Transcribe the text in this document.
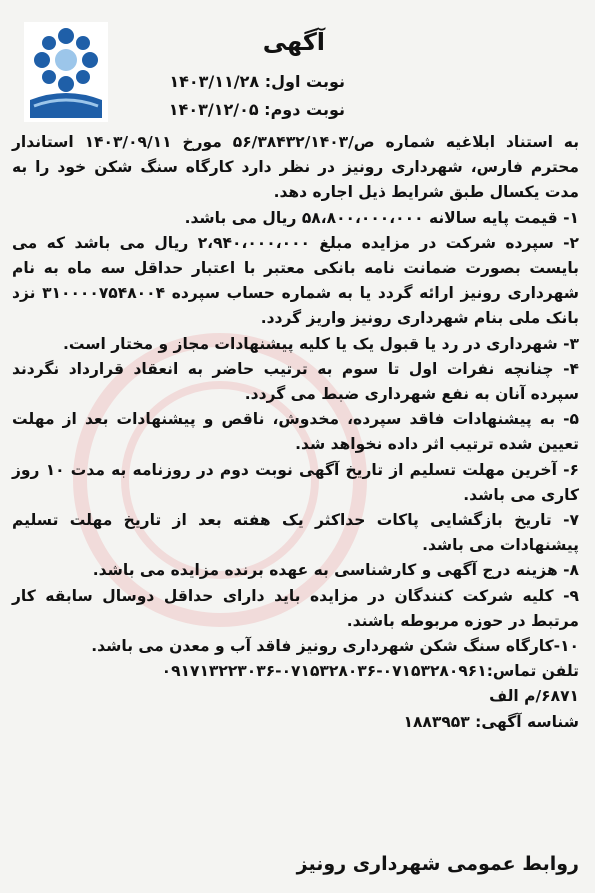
آگهی
نوبت اول: ۱۴۰۳/۱۱/۲۸
نوبت دوم: ۱۴۰۳/۱۲/۰۵

به استناد ابلاغیه شماره ص/۵۶/۳۸۴۳۲/۱۴۰۳ مورخ ۱۴۰۳/۰۹/۱۱ استاندار محترم فارس، شهرداری رونیز در نظر دارد کارگاه سنگ شکن خود را به مدت یکسال طبق شرایط ذیل اجاره دهد.

۱- قیمت پایه سالانه ۵۸،۸۰۰،۰۰۰،۰۰۰ ریال می باشد.

۲- سپرده شرکت در مزایده مبلغ ۲،۹۴۰،۰۰۰،۰۰۰ ریال می باشد که می بایست بصورت ضمانت نامه بانکی معتبر با اعتبار حداقل سه ماه به نام شهرداری رونیز ارائه گردد یا به شماره حساب سپرده ۳۱۰۰۰۰۷۵۴۸۰۰۴ نزد بانک ملی بنام شهرداری رونیز واریز گردد.

۳- شهرداری در رد یا قبول یک یا کلیه پیشنهادات مجاز و مختار است.

۴- چنانچه نفرات اول تا سوم به ترتیب حاضر به انعقاد قرارداد نگردند سپرده آنان به نفع شهرداری ضبط می گردد.

۵- به پیشنهادات فاقد سپرده، مخدوش، ناقص و پیشنهادات بعد از مهلت تعیین شده ترتیب اثر داده نخواهد شد.

۶- آخرین مهلت تسلیم از تاریخ آگهی نوبت دوم در روزنامه به مدت ۱۰ روز کاری می باشد.

۷- تاریخ بازگشایی پاکات حداکثر یک هفته بعد از تاریخ مهلت تسلیم پیشنهادات می باشد.

۸- هزینه درج آگهی و کارشناسی به عهده برنده مزایده می باشد.

۹- کلیه شرکت کنندگان در مزایده باید دارای حداقل دوسال سابقه کار مرتبط در حوزه مربوطه باشند.

۱۰-کارگاه سنگ شکن شهرداری رونیز فاقد آب و معدن می باشد.

تلفن تماس:۰۷۱۵۳۲۸۰۹۶۱-۰۷۱۵۳۲۸۰۳۶-۰۹۱۷۱۳۲۲۳۰۳۶
۶۸۷۱/م الف
شناسه آگهی: ۱۸۸۳۹۵۳
روابط عمومی شهرداری رونیز
